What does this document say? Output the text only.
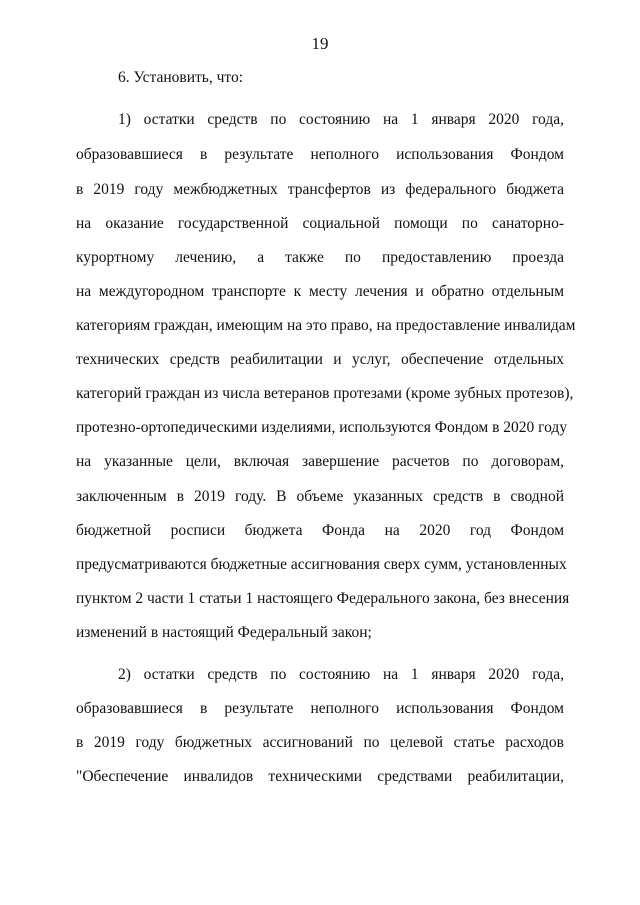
19
6. Установить, что:
1) остатки средств по состоянию на 1 января 2020 года,
образовавшиеся в результате неполного использования Фондом
в 2019 году межбюджетных трансфертов из федерального бюджета
на оказание государственной социальной помощи по санаторно-
курортному лечению, а также по предоставлению проезда
на междугородном транспорте к месту лечения и обратно отдельным
категориям граждан, имеющим на это право, на предоставление инвалидам
технических средств реабилитации и услуг, обеспечение отдельных
категорий граждан из числа ветеранов протезами (кроме зубных протезов),
протезно-ортопедическими изделиями, используются Фондом в 2020 году
на указанные цели, включая завершение расчетов по договорам,
заключенным в 2019 году. В объеме указанных средств в сводной
бюджетной росписи бюджета Фонда на 2020 год Фондом
предусматриваются бюджетные ассигнования сверх сумм, установленных
пунктом 2 части 1 статьи 1 настоящего Федерального закона, без внесения
изменений в настоящий Федеральный закон;
2) остатки средств по состоянию на 1 января 2020 года,
образовавшиеся в результате неполного использования Фондом
в 2019 году бюджетных ассигнований по целевой статье расходов
"Обеспечение инвалидов техническими средствами реабилитации,
